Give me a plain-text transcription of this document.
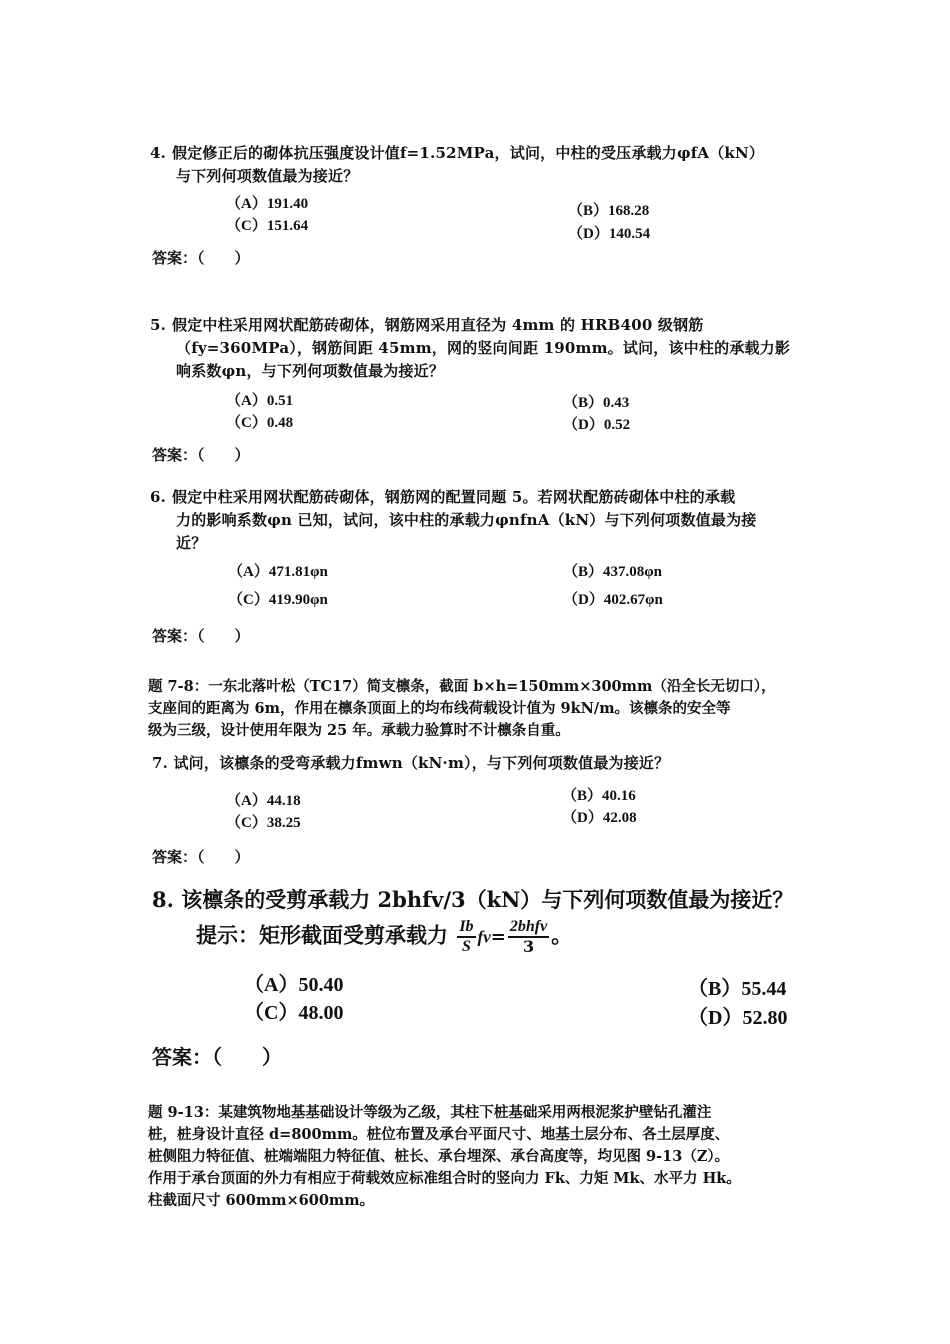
4. 假定修正后的砌体抗压强度设计值f=1.52MPa，试问，中柱的受压承载力φfA（kN）
与下列何项数值最为接近？
（A）191.40	（B）168.28
（C）151.64	（D）140.54
答案：（　　）
5. 假定中柱采用网状配筋砖砌体，钢筋网采用直径为 4mm 的 HRB400 级钢筋
（fy=360MPa），钢筋间距 45mm，网的竖向间距 190mm。试问，该中柱的承载力影
响系数φn，与下列何项数值最为接近？
（A）0.51	（B）0.43
（C）0.48	（D）0.52
答案：（　　）
6. 假定中柱采用网状配筋砖砌体，钢筋网的配置同题 5。若网状配筋砖砌体中柱的承载
力的影响系数φn 已知，试问，该中柱的承载力φnfnA（kN）与下列何项数值最为接
近？
（A）471.81φn	（B）437.08φn
（C）419.90φn	（D）402.67φn
答案：（　　）
题 7-8：一东北落叶松（TC17）简支檩条，截面 b×h=150mm×300mm（沿全长无切口），
支座间的距离为 6m，作用在檩条顶面上的均布线荷载设计值为 9kN/m。该檩条的安全等
级为三级，设计使用年限为 25 年。承载力验算时不计檩条自重。
7. 试问，该檩条的受弯承载力fmwn（kN·m），与下列何项数值最为接近？
（A）44.18	（B）40.16
（C）38.25	（D）42.08
答案：（　　）
8. 该檩条的受剪承载力 2bhfv/3（kN）与下列何项数值最为接近？
提示：矩形截面受剪承载力 $\frac{Ib}{S} fv= \frac{\text{2bhfv}}{3}$ 。
（A）50.40	（B）55.44
（C）48.00	（D）52.80
答案：（　　）
题 9-13：某建筑物地基基础设计等级为乙级，其柱下桩基础采用两根泥浆护壁钻孔灌注
桩，桩身设计直径 d=800mm。桩位布置及承台平面尺寸、地基土层分布、各土层厚度、
桩侧阻力特征值、桩端端阻力特征值、桩长、承台埋深、承台高度等，均见图 9-13（Z）。
作用于承台顶面的外力有相应于荷载效应标准组合时的竖向力 Fk、力矩 Mk、水平力 Hk。
柱截面尺寸 600mm×600mm。
